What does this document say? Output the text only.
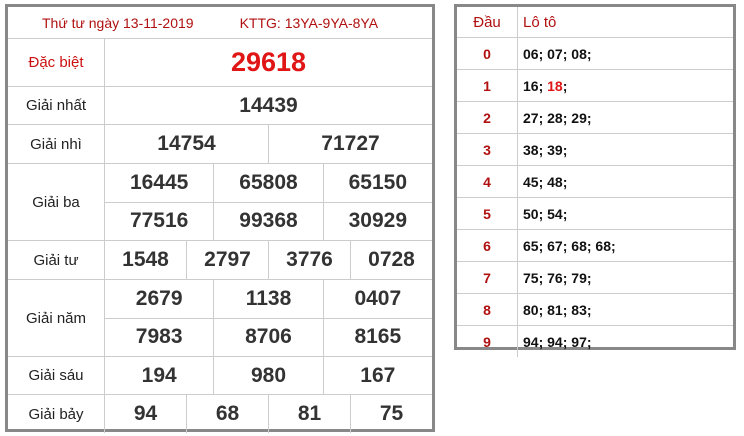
Thứ tư ngày 13-11-2019	KTTG: 13YA-9YA-8YA
Đặc biệt	29618
Giải nhất	14439
Giải nhì	14754	71727
Giải ba
16445	65808	65150
77516	99368	30929
Giải tư	1548	2797	3776	0728
Giải năm
2679	1138	0407
7983	8706	8165
Giải sáu	194	980	167
Giải bảy	94	68	81	75
Đầu	Lô tô
0	06 ; 07 ; 08 ;
1	16 ; 18 ;
2	27 ; 28 ; 29 ;
3	38 ; 39 ;
4	45 ; 48 ;
5	50 ; 54 ;
6	65 ; 67 ; 68 ; 68 ;
7	75 ; 76 ; 79 ;
8	80 ; 81 ; 83 ;
9	94 ; 94 ; 97 ;
